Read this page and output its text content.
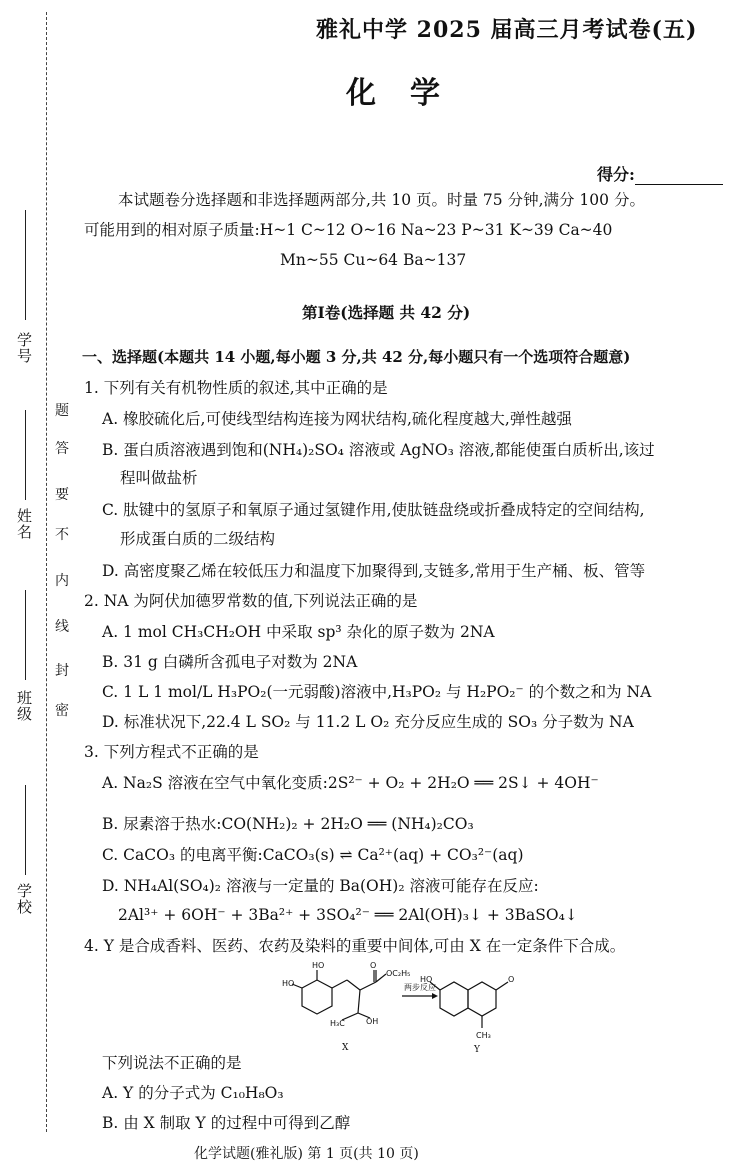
学
号
姓
名
班
级
学
校
题
答
要
不
内
线
封
密
雅礼中学 2025 届高三月考试卷(五)
化学
得分:
本试题卷分选择题和非选择题两部分,共 10 页。时量 75 分钟,满分 100 分。
可能用到的相对原子质量:H~1 C~12 O~16 Na~23 P~31 K~39 Ca~40
Mn~55 Cu~64 Ba~137
第Ⅰ卷(选择题 共 42 分)
一、选择题(本题共 14 小题,每小题 3 分,共 42 分,每小题只有一个选项符合题意)
1. 下列有关有机物性质的叙述,其中正确的是
A. 橡胶硫化后,可使线型结构连接为网状结构,硫化程度越大,弹性越强
B. 蛋白质溶液遇到饱和(NH₄)₂SO₄ 溶液或 AgNO₃ 溶液,都能使蛋白质析出,该过
程叫做盐析
C. 肽键中的氢原子和氧原子通过氢键作用,使肽链盘绕或折叠成特定的空间结构,
形成蛋白质的二级结构
D. 高密度聚乙烯在较低压力和温度下加聚得到,支链多,常用于生产桶、板、管等
2. NA 为阿伏加德罗常数的值,下列说法正确的是
A. 1 mol CH₃CH₂OH 中采取 sp³ 杂化的原子数为 2NA
B. 31 g 白磷所含孤电子对数为 2NA
C. 1 L 1 mol/L H₃PO₂(一元弱酸)溶液中,H₃PO₂ 与 H₂PO₂⁻ 的个数之和为 NA
D. 标准状况下,22.4 L SO₂ 与 11.2 L O₂ 充分反应生成的 SO₃ 分子数为 NA
3. 下列方程式不正确的是
A. Na₂S 溶液在空气中氧化变质:2S²⁻ + O₂ + 2H₂O ══ 2S↓ + 4OH⁻
B. 尿素溶于热水:CO(NH₂)₂ + 2H₂O ══ (NH₄)₂CO₃
C. CaCO₃ 的电离平衡:CaCO₃(s) ⇌ Ca²⁺(aq) + CO₃²⁻(aq)
D. NH₄Al(SO₄)₂ 溶液与一定量的 Ba(OH)₂ 溶液可能存在反应:
2Al³⁺ + 6OH⁻ + 3Ba²⁺ + 3SO₄²⁻ ══ 2Al(OH)₃↓ + 3BaSO₄↓
4. Y 是合成香料、医药、农药及染料的重要中间体,可由 X 在一定条件下合成。
HO
HO	O
OC₂H₅
OH
H₃C
HO	O
CH₃
两步反应
X	Y
下列说法不正确的是
A. Y 的分子式为 C₁₀H₈O₃
B. 由 X 制取 Y 的过程中可得到乙醇
化学试题(雅礼版) 第 1 页(共 10 页)
